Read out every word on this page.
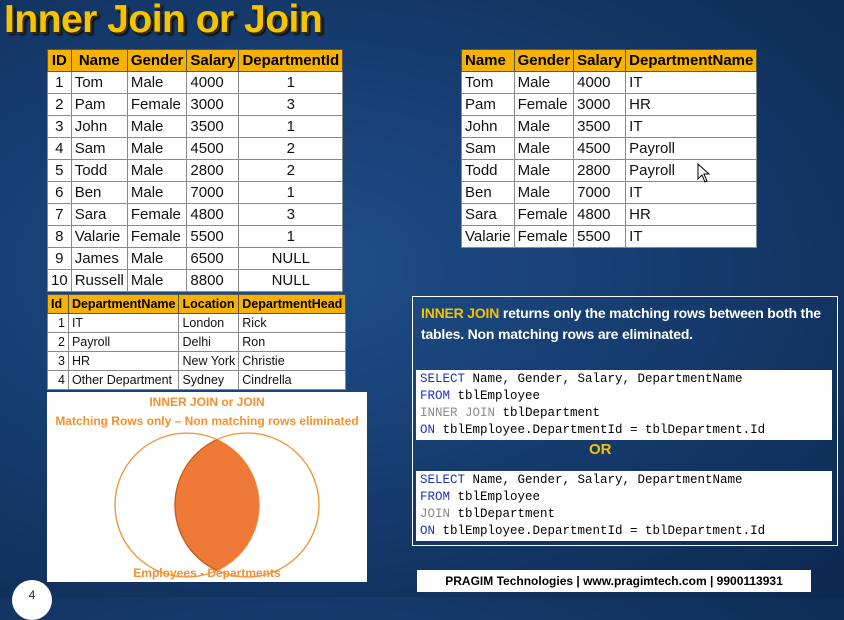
Inner Join or Join
ID	Name	Gender	Salary	DepartmentId
1	Tom	Male	4000	1
2	Pam	Female	3000	3
3	John	Male	3500	1
4	Sam	Male	4500	2
5	Todd	Male	2800	2
6	Ben	Male	7000	1
7	Sara	Female	4800	3
8	Valarie	Female	5500	1
9	James	Male	6500	NULL
10	Russell	Male	8800	NULL
Id	DepartmentName	Location	DepartmentHead
1	IT	London	Rick
2	Payroll	Delhi	Ron
3	HR	New York	Christie
4	Other Department	Sydney	Cindrella
Name	Gender	Salary	DepartmentName
Tom	Male	4000	IT
Pam	Female	3000	HR
John	Male	3500	IT
Sam	Male	4500	Payroll
Todd	Male	2800	Payroll
Ben	Male	7000	IT
Sara	Female	4800	HR
Valarie	Female	5500	IT
INNER JOIN or JOIN
Matching Rows only – Non matching rows eliminated
Employees - Departments
INNER JOIN returns only the matching rows between both the tables. Non matching rows are eliminated.
SELECT Name, Gender, Salary, DepartmentName
FROM tblEmployee
INNER JOIN tblDepartment
ON tblEmployee.DepartmentId = tblDepartment.Id
OR
SELECT Name, Gender, Salary, DepartmentName
FROM tblEmployee
JOIN tblDepartment
ON tblEmployee.DepartmentId = tblDepartment.Id
PRAGIM Technologies | www.pragimtech.com | 9900113931
4
